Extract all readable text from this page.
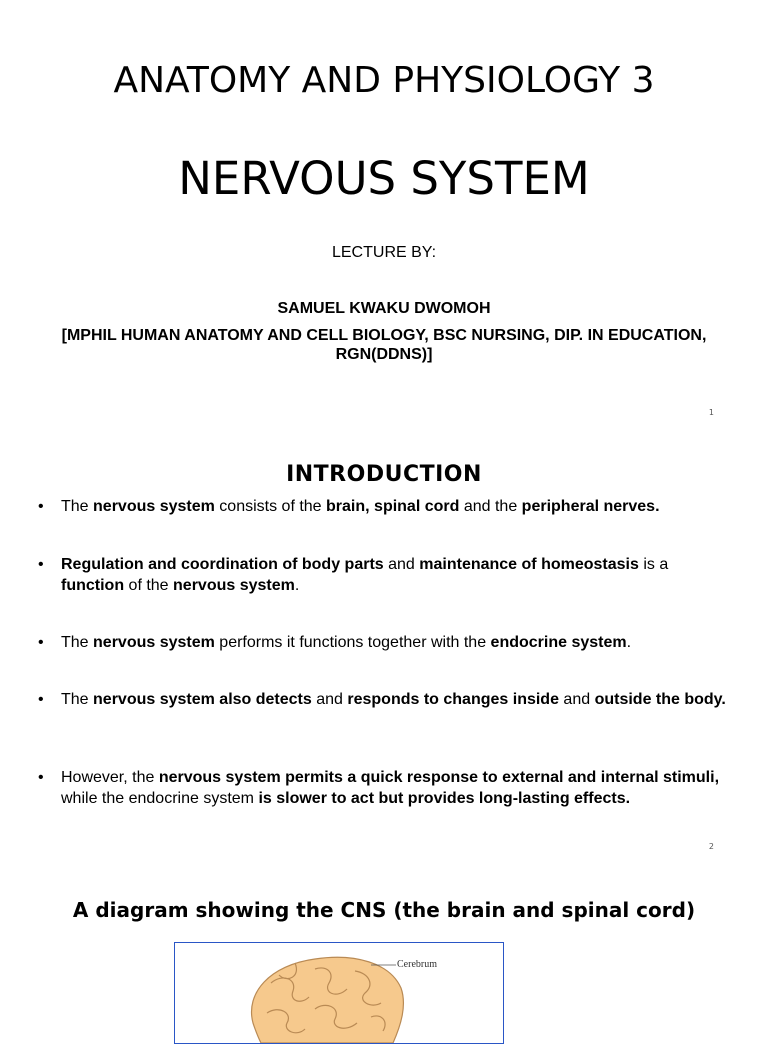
ANATOMY AND PHYSIOLOGY 3
NERVOUS SYSTEM
LECTURE BY:
SAMUEL KWAKU DWOMOH
[MPHIL HUMAN ANATOMY AND CELL BIOLOGY, BSC NURSING, DIP. IN EDUCATION, RGN(DDNS)]
1
INTRODUCTION
• The nervous system consists of the brain, spinal cord and the peripheral nerves.
• Regulation and coordination of body parts and maintenance of homeostasis is a function of the nervous system.
• The nervous system performs it functions together with the endocrine system.
• The nervous system also detects and responds to changes inside and outside the body.
• However, the nervous system permits a quick response to external and internal stimuli, while the endocrine system is slower to act but provides long-lasting effects.
2
A diagram showing the CNS (the brain and spinal cord)
Cerebrum
